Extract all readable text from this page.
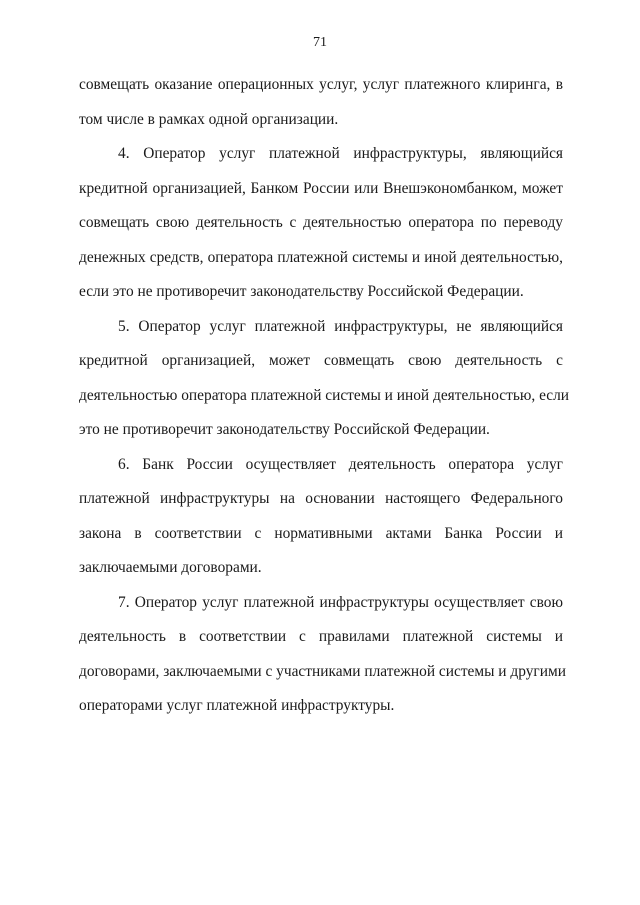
71

совмещать оказание операционных услуг, услуг платежного клиринга, в
том числе в рамках одной организации.

4. Оператор услуг платежной инфраструктуры, являющийся
кредитной организацией, Банком России или Внешэкономбанком, может
совмещать свою деятельность с деятельностью оператора по переводу
денежных средств, оператора платежной системы и иной деятельностью,
если это не противоречит законодательству Российской Федерации.

5. Оператор услуг платежной инфраструктуры, не являющийся
кредитной организацией, может совмещать свою деятельность с
деятельностью оператора платежной системы и иной деятельностью, если
это не противоречит законодательству Российской Федерации.

6. Банк России осуществляет деятельность оператора услуг
платежной инфраструктуры на основании настоящего Федерального
закона в соответствии с нормативными актами Банка России и
заключаемыми договорами.

7. Оператор услуг платежной инфраструктуры осуществляет свою
деятельность в соответствии с правилами платежной системы и
договорами, заключаемыми с участниками платежной системы и другими
операторами услуг платежной инфраструктуры.
